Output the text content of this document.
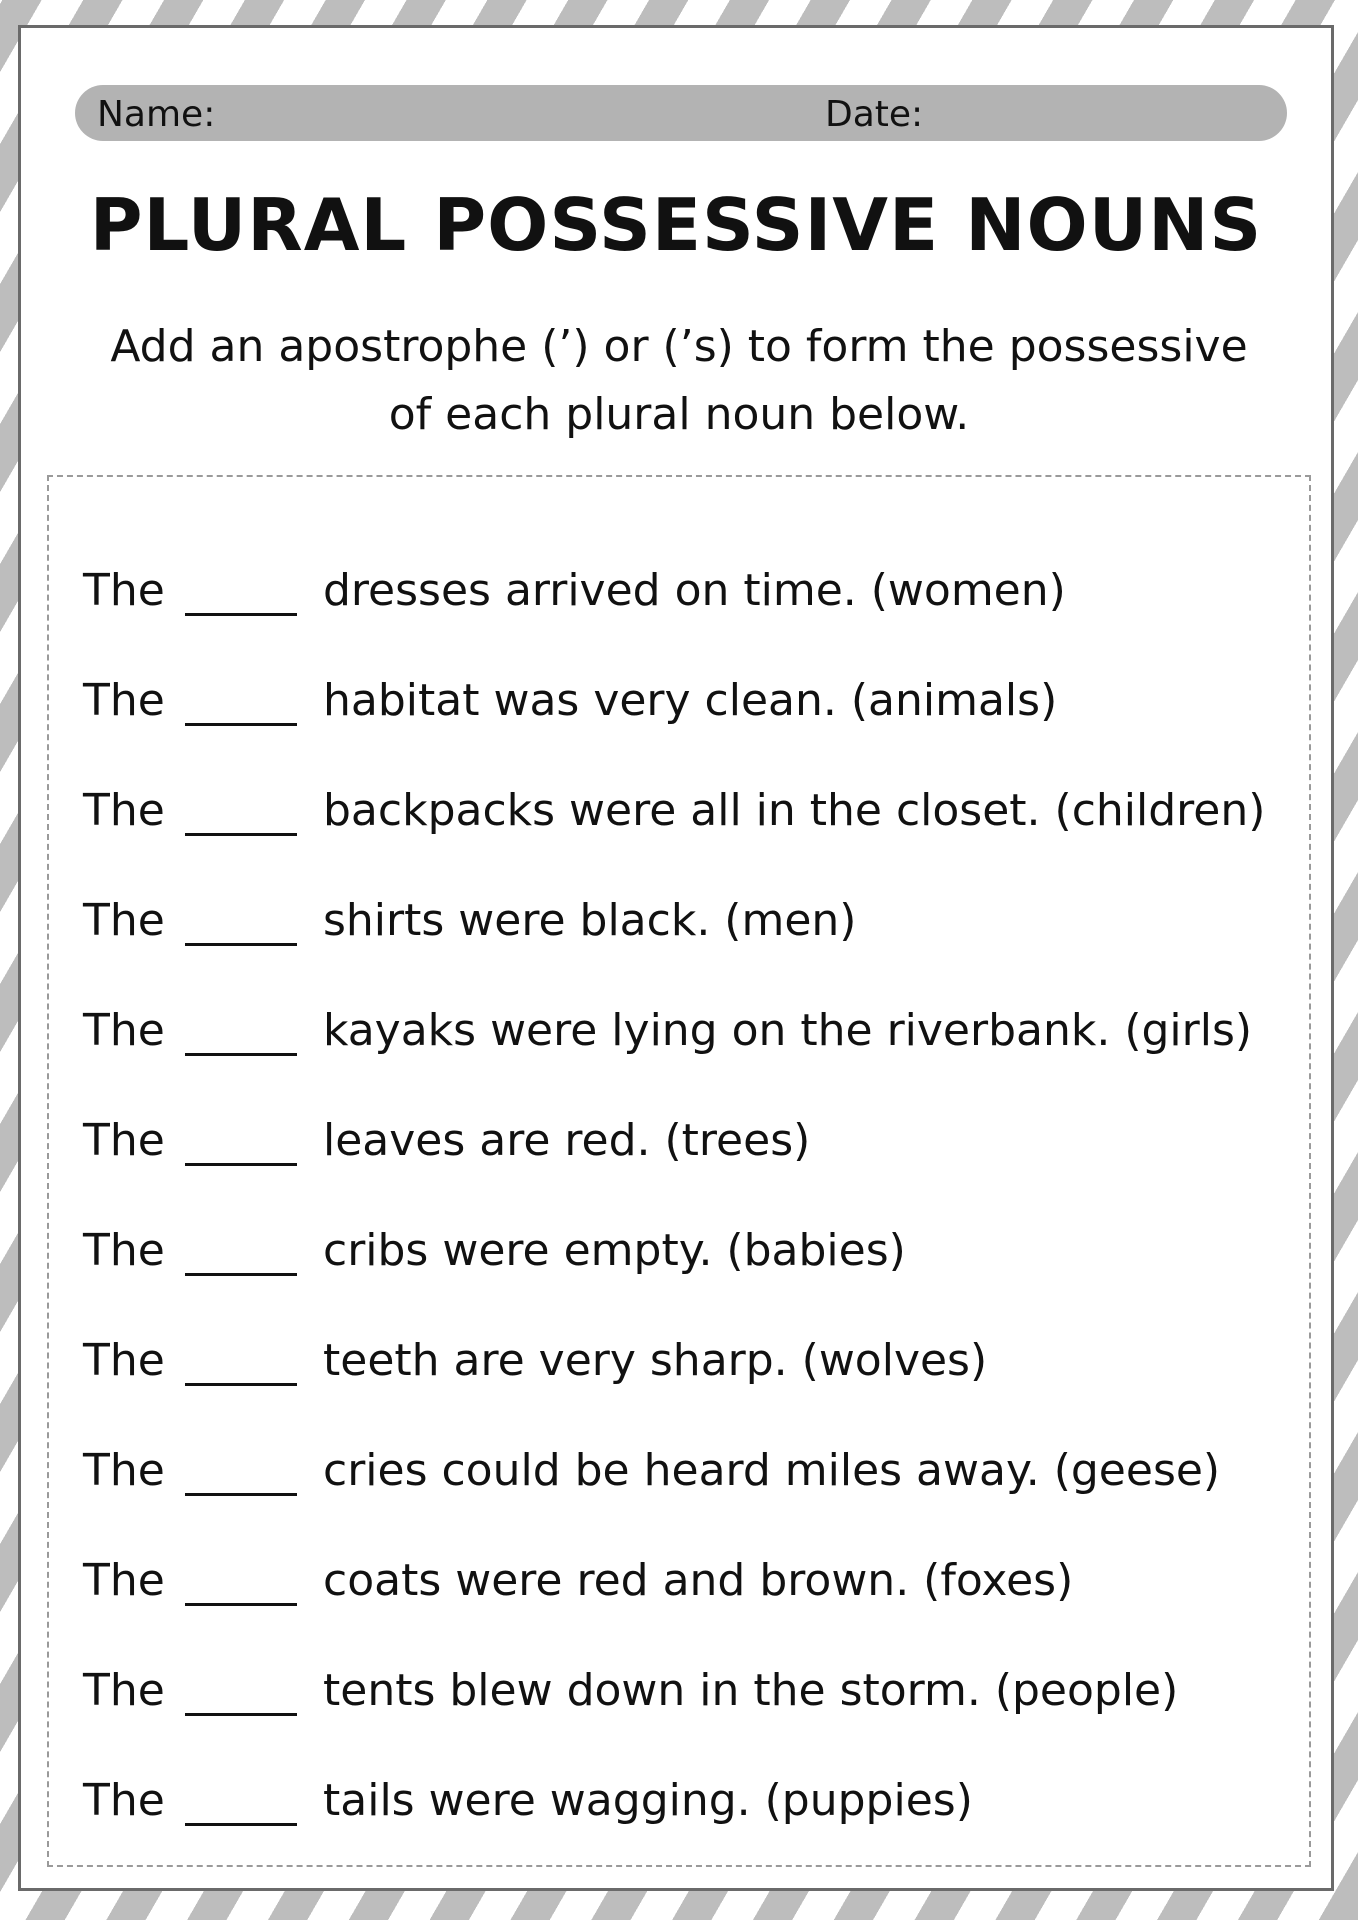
Name:	Date:
PLURAL POSSESSIVE NOUNS

Add an apostrophe (’) or (’s) to form the possessive
of each plural noun below.

The	dresses arrived on time. (women)
The	habitat was very clean. (animals)
The	backpacks were all in the closet. (children)
The	shirts were black. (men)
The	kayaks were lying on the riverbank. (girls)
The	leaves are red. (trees)
The	cribs were empty. (babies)
The	teeth are very sharp. (wolves)
The	cries could be heard miles away. (geese)
The	coats were red and brown. (foxes)
The	tents blew down in the storm. (people)
The	tails were wagging. (puppies)
